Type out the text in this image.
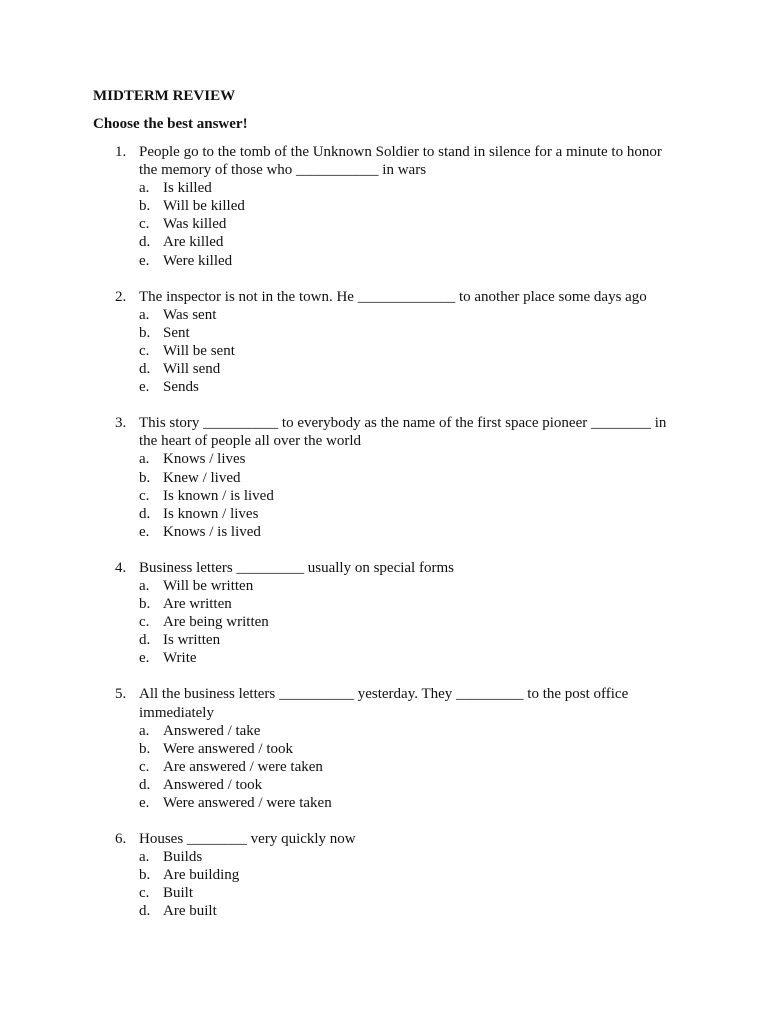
MIDTERM REVIEW
Choose the best answer!
1. People go to the tomb of the Unknown Soldier to stand in silence for a minute to honor the memory of those who ___________ in wars
a. Is killed
b. Will be killed
c. Was killed
d. Are killed
e. Were killed
2. The inspector is not in the town. He _____________ to another place some days ago
a. Was sent
b. Sent
c. Will be sent
d. Will send
e. Sends
3. This story __________ to everybody as the name of the first space pioneer ________ in the heart of people all over the world
a. Knows / lives
b. Knew / lived
c. Is known / is lived
d. Is known / lives
e. Knows / is lived
4. Business letters _________ usually on special forms
a. Will be written
b. Are written
c. Are being written
d. Is written
e. Write
5. All the business letters __________ yesterday. They _________ to the post office immediately
a. Answered / take
b. Were answered / took
c. Are answered / were taken
d. Answered / took
e. Were answered / were taken
6. Houses ________ very quickly now
a. Builds
b. Are building
c. Built
d. Are built
